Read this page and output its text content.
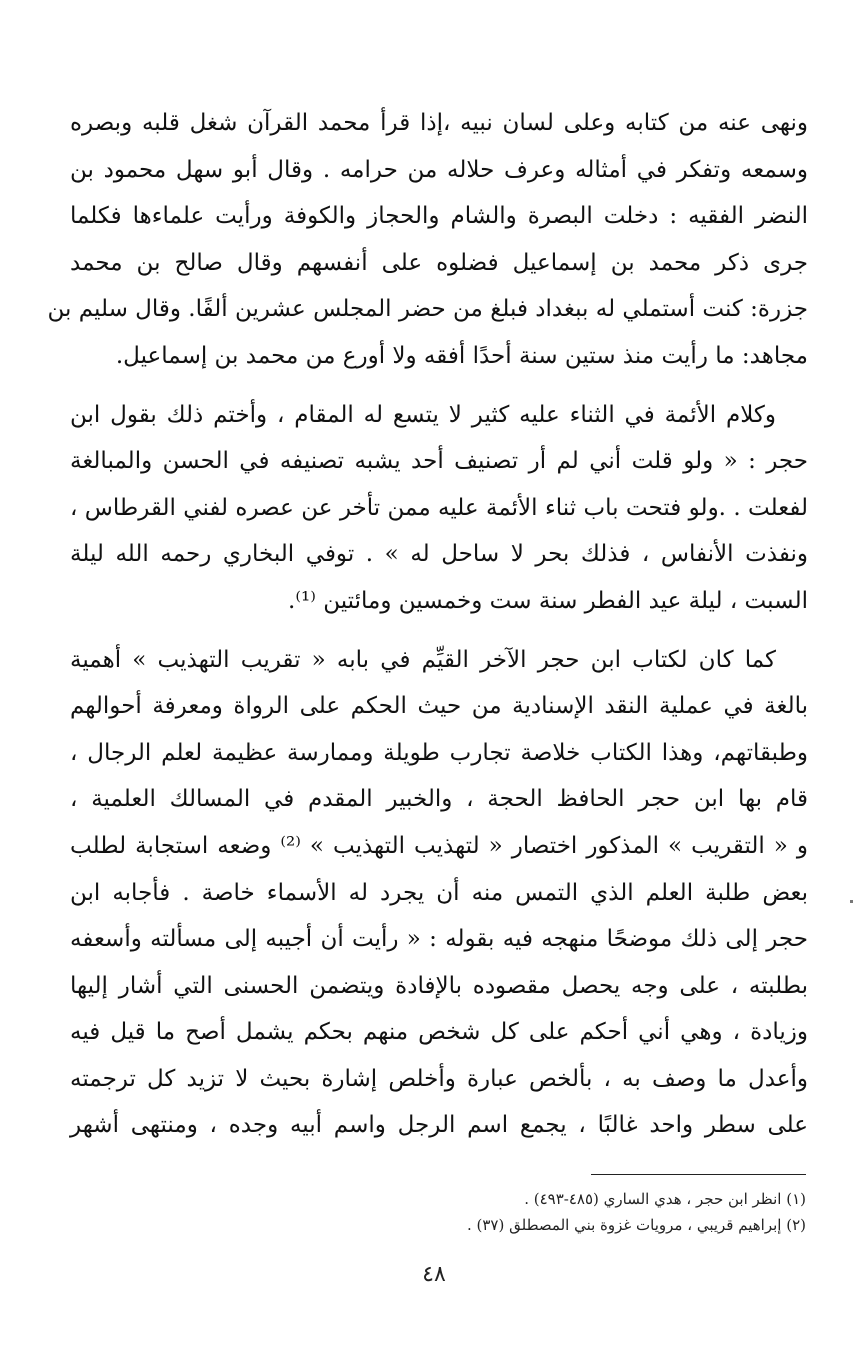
ونهى عنه من كتابه وعلى لسان نبيه ،إذا قرأ محمد القرآن شغل قلبه وبصره
وسمعه وتفكر في أمثاله وعرف حلاله من حرامه . وقال أبو سهل محمود بن
النضر الفقيه : دخلت البصرة والشام والحجاز والكوفة ورأيت علماءها فكلما
جرى ذكر محمد بن إسماعيل فضلوه على أنفسهم وقال صالح بن محمد
جزرة: كنت أستملي له ببغداد فبلغ من حضر المجلس عشرين ألفًا. وقال سليم بن
مجاهد: ما رأيت منذ ستين سنة أحدًا أفقه ولا أورع من محمد بن إسماعيل.
وكلام الأئمة في الثناء عليه كثير لا يتسع له المقام ، وأختم ذلك بقول ابن
حجر : « ولو قلت أني لم أر تصنيف أحد يشبه تصنيفه في الحسن والمبالغة
لفعلت . .ولو فتحت باب ثناء الأئمة عليه ممن تأخر عن عصره لفني القرطاس ،
ونفذت الأنفاس ، فذلك بحر لا ساحل له » . توفي البخاري رحمه الله ليلة
السبت ، ليلة عيد الفطر سنة ست وخمسين ومائتين ⁽¹⁾.
كما كان لكتاب ابن حجر الآخر القيِّم في بابه « تقريب التهذيب » أهمية
بالغة في عملية النقد الإسنادية من حيث الحكم على الرواة ومعرفة أحوالهم
وطبقاتهم، وهذا الكتاب خلاصة تجارب طويلة وممارسة عظيمة لعلم الرجال ،
قام بها ابن حجر الحافظ الحجة ، والخبير المقدم في المسالك العلمية ،
و « التقريب » المذكور اختصار « لتهذيب التهذيب » ⁽²⁾ وضعه استجابة لطلب
بعض طلبة العلم الذي التمس منه أن يجرد له الأسماء خاصة . فأجابه ابن
حجر إلى ذلك موضحًا منهجه فيه بقوله : « رأيت أن أجيبه إلى مسألته وأسعفه
بطلبته ، على وجه يحصل مقصوده بالإفادة ويتضمن الحسنى التي أشار إليها
وزيادة ، وهي أني أحكم على كل شخص منهم بحكم يشمل أصح ما قيل فيه
وأعدل ما وصف به ، بألخص عبارة وأخلص إشارة بحيث لا تزيد كل ترجمته
على سطر واحد غالبًا ، يجمع اسم الرجل واسم أبيه وجده ، ومنتهى أشهر
(١) انظر ابن حجر ، هدي الساري (٤٨٥-٤٩٣) .
(٢) إبراهيم قريبي ، مرويات غزوة بني المصطلق (٣٧) .
٤٨
